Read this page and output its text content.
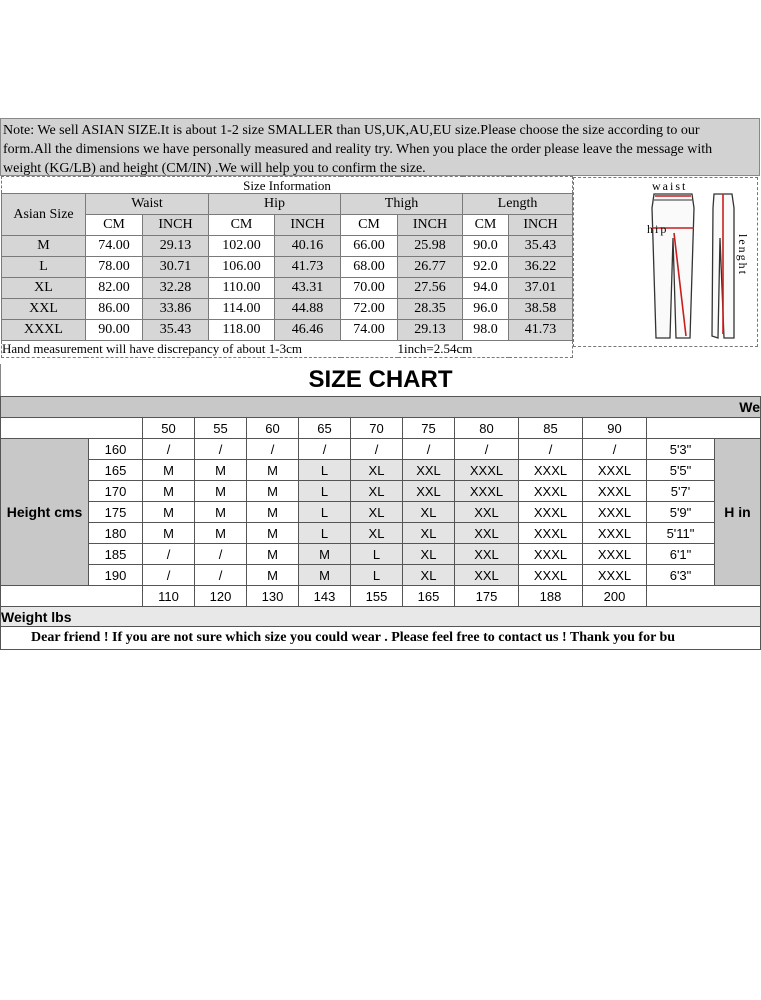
Note: We sell ASIAN SIZE.It is about 1-2 size SMALLER than US,UK,AU,EU size.Please choose the size according to our
form.All the dimensions we have personally measured and reality try. When you place the order please leave the message with
weight (KG/LB) and height (CM/IN) .We will help you to confirm the size.
Size Information								
Asian Size	Waist		Hip		Thigh		Length	
	CM	INCH	CM	INCH	CM	INCH	CM	INCH
M	74.00	29.13	102.00	40.16	66.00	25.98	90.0	35.43
L	78.00	30.71	106.00	41.73	68.00	26.77	92.0	36.22
XL	82.00	32.28	110.00	43.31	70.00	27.56	94.0	37.01
XXL	86.00	33.86	114.00	44.88	72.00	28.35	96.0	38.58
XXXL	90.00	35.43	118.00	46.46	74.00	29.13	98.0	41.73
Hand measurement will have discrepancy of about 1-3cm						1inch=2.54cm		
waist
hip
lenght
SIZE CHART
We												
		50	55	60	65	70	75	80	85	90		
Height cms	160	/	/	/	/	/	/	/	/	/	5'3"	H in
	165	M	M	M	L	XL	XXL	XXXL	XXXL	XXXL	5'5"	
	170	M	M	M	L	XL	XXL	XXXL	XXXL	XXXL	5'7'	
	175	M	M	M	L	XL	XL	XXL	XXXL	XXXL	5'9"	
	180	M	M	M	L	XL	XL	XXL	XXXL	XXXL	5'11"	
	185	/	/	M	M	L	XL	XXL	XXXL	XXXL	6'1"	
	190	/	/	M	M	L	XL	XXL	XXXL	XXXL	6'3"	
		110	120	130	143	155	165	175	188	200		
Weight lbs												
Dear friend ! If you are not sure which size you could wear . Please feel free to contact us ! Thank you for bu												
